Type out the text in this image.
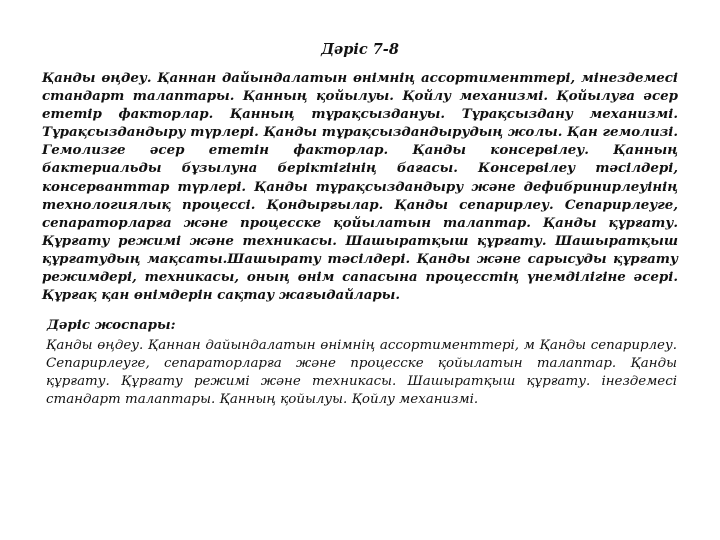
Дәріс 7-8

Қанды өңдеу. Қаннан дайындалатын өнімнің ассортименттері, мінездемесі стандарт талаптары. Қанның қойылуы. Қойлу механизмі. Қойылуға әсер ететір факторлар. Қанның тұрақсыздануы. Тұрақсыздану механизмі. Тұрақсыздандыру түрлері. Қанды тұрақсыздандырудың жолы. Қан гемолизі. Гемолизге әсер ететін факторлар. Қанды консервілеу. Қанның бактериальды бұзылуна беріктігінің бағасы. Консервілеу тәсілдері, консерванттар түрлері. Қанды тұрақсыздандыру және дефибринирлеуінің технологиялық процессі. Қондырғылар. Қанды сепарирлеу. Сепарирлеуге, сепараторларға және процесске қойылатын талаптар. Қанды құрғату. Құрғату режимі және техникасы. Шашыратқыш құрғату. Шашыратқыш құрғатудың мақсаты.Шашырату тәсілдері. Қанды және сарысуды құрғату режимдері, техникасы, оның өнім сапасына процесстің үнемділігіне әсері. Құрғақ қан өнімдерін сақтау жағыдайлары.

Дәріс жоспары:

Қанды өңдеу. Қаннан дайындалатын өнімнің ассортименттері, м Қанды сепарирлеу. Сепарирлеуге, сепараторларға және процесске қойылатын талаптар. Қанды құрғату. Құрғату режимі және техникасы. Шашыратқыш құрғату. інездемесі стандарт талаптары. Қанның қойылуы. Қойлу механизмі.
